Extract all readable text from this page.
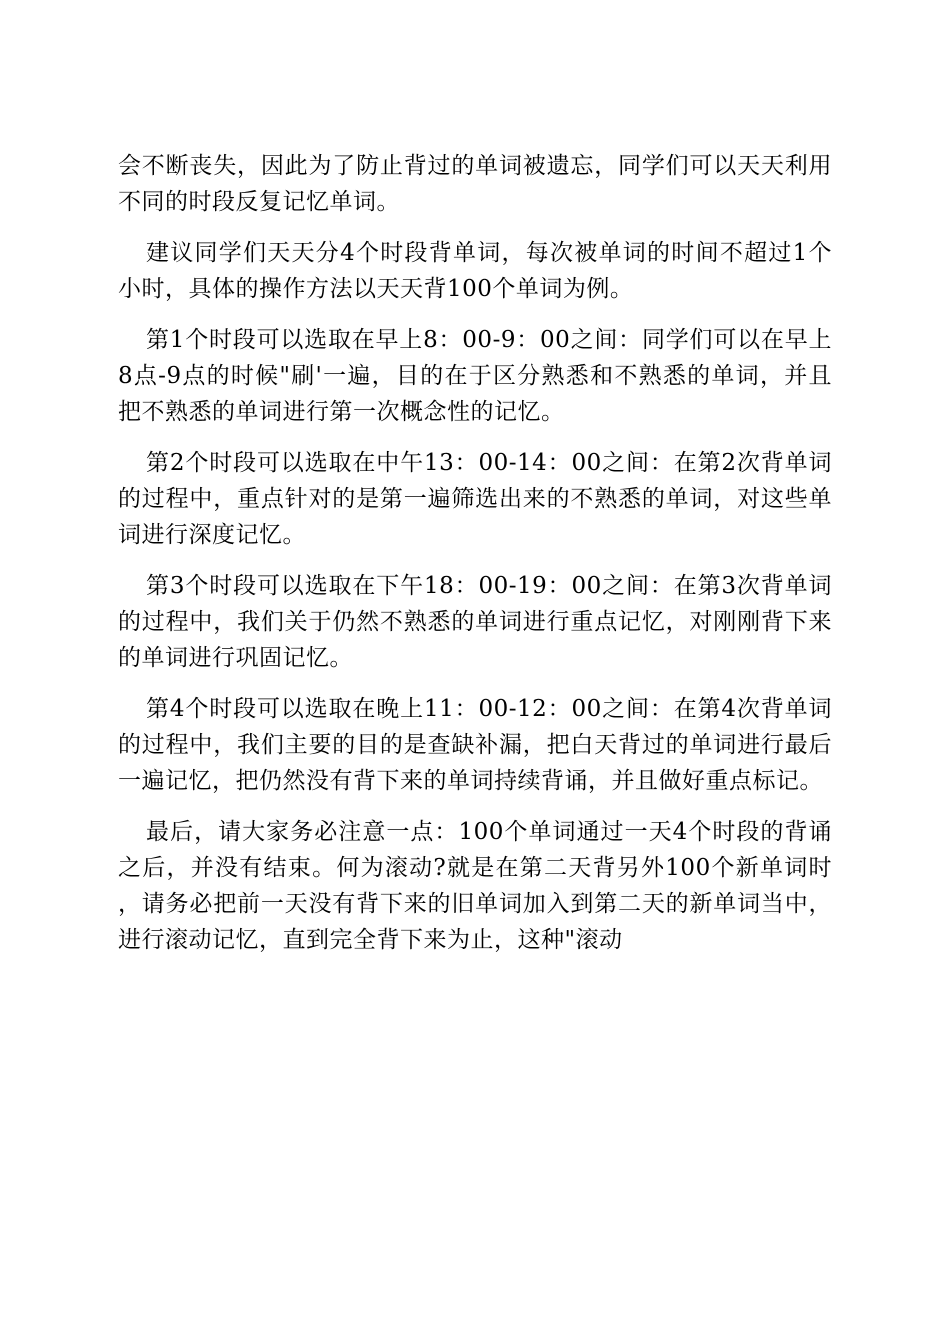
会不断丧失，因此为了防止背过的单词被遗忘，同学们可以天天利用不同的时段反复记忆单词。

建议同学们天天分4个时段背单词，每次被单词的时间不超过1个小时，具体的操作方法以天天背100个单词为例。

第1个时段可以选取在早上8：00-9：00之间：同学们可以在早上8点-9点的时候"刷'一遍，目的在于区分熟悉和不熟悉的单词，并且把不熟悉的单词进行第一次概念性的记忆。

第2个时段可以选取在中午13：00-14：00之间：在第2次背单词的过程中，重点针对的是第一遍筛选出来的不熟悉的单词，对这些单词进行深度记忆。

第3个时段可以选取在下午18：00-19：00之间：在第3次背单词的过程中，我们关于仍然不熟悉的单词进行重点记忆，对刚刚背下来的单词进行巩固记忆。

第4个时段可以选取在晚上11：00-12：00之间：在第4次背单词的过程中，我们主要的目的是查缺补漏，把白天背过的单词进行最后一遍记忆，把仍然没有背下来的单词持续背诵，并且做好重点标记。

最后，请大家务必注意一点：100个单词通过一天4个时段的背诵之后，并没有结束。何为滚动?就是在第二天背另外100个新单词时，请务必把前一天没有背下来的旧单词加入到第二天的新单词当中，进行滚动记忆，直到完全背下来为止，这种"滚动
